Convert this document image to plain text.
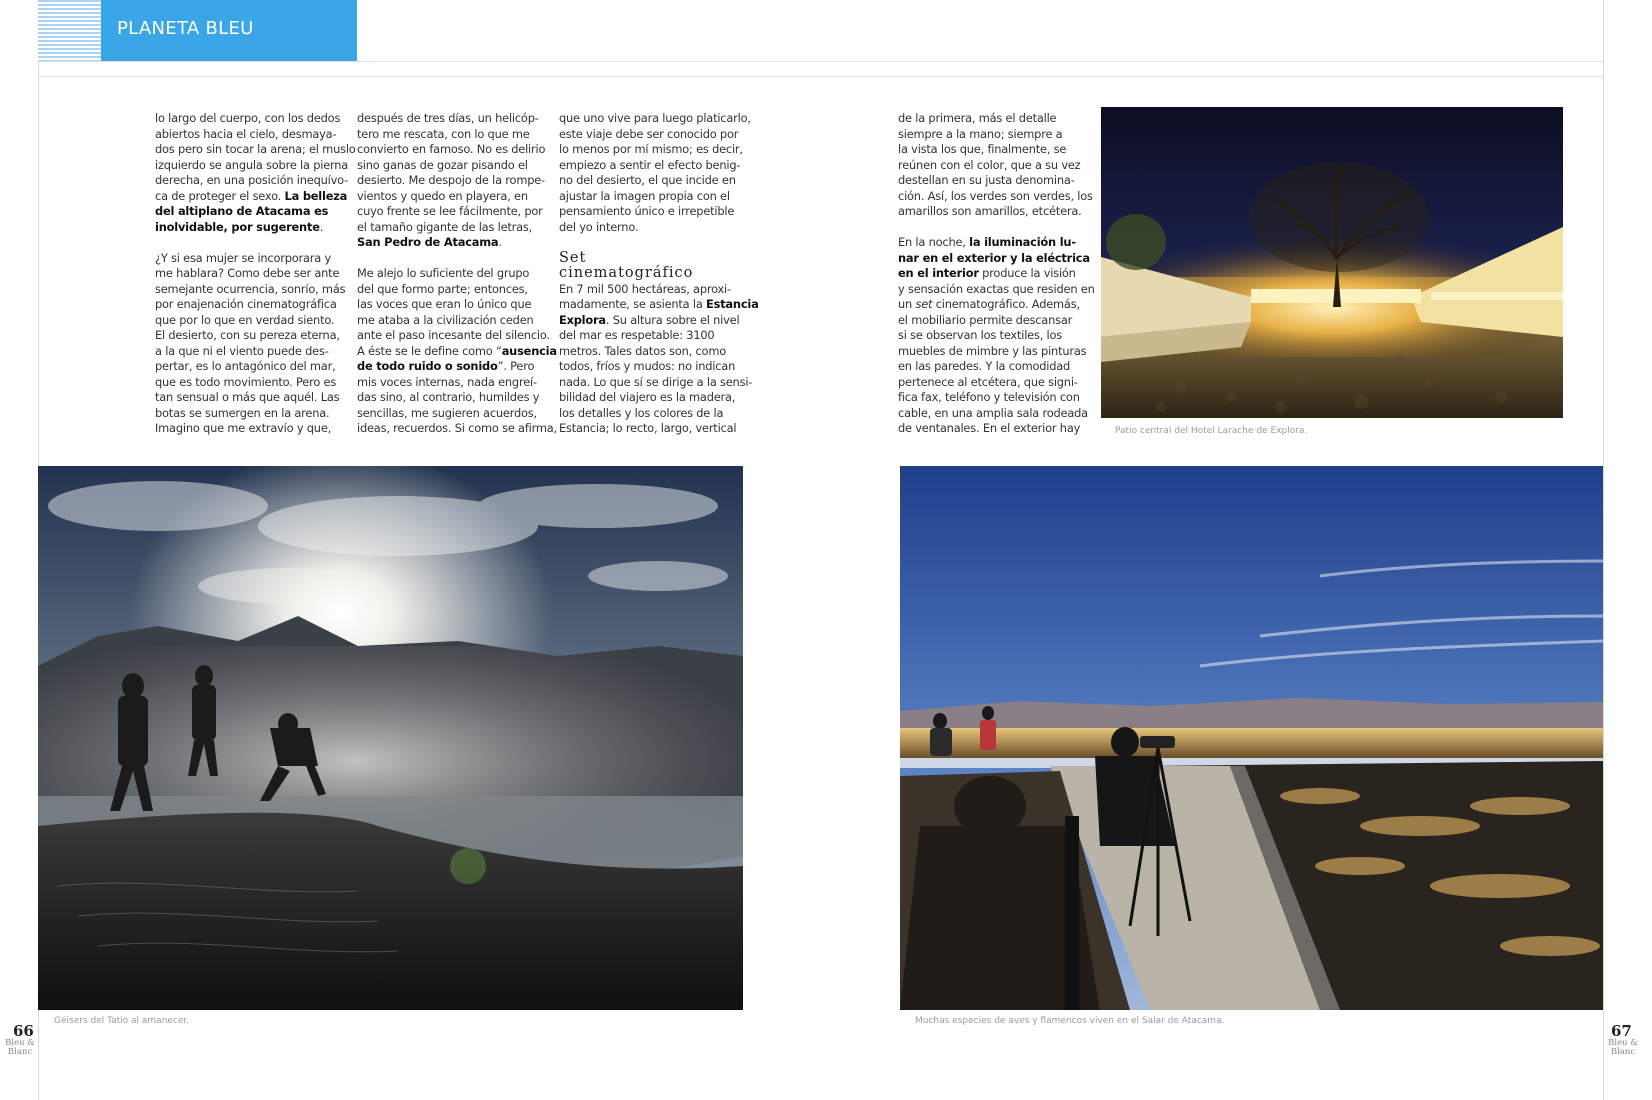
PLANETA BLEU
lo largo del cuerpo, con los dedos
abiertos hacia el cielo, desmaya-
dos pero sin tocar la arena; el muslo
izquierdo se angula sobre la pierna
derecha, en una posición inequívo-
ca de proteger el sexo. La belleza
del altiplano de Atacama es
inolvidable, por sugerente.
¿Y si esa mujer se incorporara y
me hablara? Como debe ser ante
semejante ocurrencia, sonrío, más
por enajenación cinematográfica
que por lo que en verdad siento.
El desierto, con su pereza eterna,
a la que ni el viento puede des-
pertar, es lo antagónico del mar,
que es todo movimiento. Pero es
tan sensual o más que aquél. Las
botas se sumergen en la arena.
Imagino que me extravío y que,
después de tres días, un helicóp-
tero me rescata, con lo que me
convierto en famoso. No es delirio
sino ganas de gozar pisando el
desierto. Me despojo de la rompe-
vientos y quedo en playera, en
cuyo frente se lee fácilmente, por
el tamaño gigante de las letras,
San Pedro de Atacama.
Me alejo lo suficiente del grupo
del que formo parte; entonces,
las voces que eran lo único que
me ataba a la civilización ceden
ante el paso incesante del silencio.
A éste se le define como “ausencia
de todo ruido o sonido”. Pero
mis voces internas, nada engreí-
das sino, al contrario, humildes y
sencillas, me sugieren acuerdos,
ideas, recuerdos. Si como se afirma,
que uno vive para luego platicarlo,
este viaje debe ser conocido por
lo menos por mí mismo; es decir,
empiezo a sentir el efecto benig-
no del desierto, el que incide en
ajustar la imagen propia con el
pensamiento único e irrepetible
del yo interno.
Set
cinematográfico
En 7 mil 500 hectáreas, aproxi-
madamente, se asienta la Estancia
Explora. Su altura sobre el nivel
del mar es respetable: 3100
metros. Tales datos son, como
todos, fríos y mudos: no indican
nada. Lo que sí se dirige a la sensi-
bilidad del viajero es la madera,
los detalles y los colores de la
Estancia; lo recto, largo, vertical
de la primera, más el detalle
siempre a la mano; siempre a
la vista los que, finalmente, se
reúnen con el color, que a su vez
destellan en su justa denomina-
ción. Así, los verdes son verdes, los
amarillos son amarillos, etcétera.
En la noche, la iluminación lu-
nar en el exterior y la eléctrica
en el interior produce la visión
y sensación exactas que residen en
un set cinematográfico. Además,
el mobiliario permite descansar
si se observan los textiles, los
muebles de mimbre y las pinturas
en las paredes. Y la comodidad
pertenece al etcétera, que signi-
fica fax, teléfono y televisión con
cable, en una amplia sala rodeada
de ventanales. En el exterior hay	Patio central del Hotel Larache de Explora.
Géisers del Tatio al amanecer.	Muchas especies de aves y flamencos viven en el Salar de Atacama.
66
Bleu &
Blanc
67
Bleu &
Blanc
